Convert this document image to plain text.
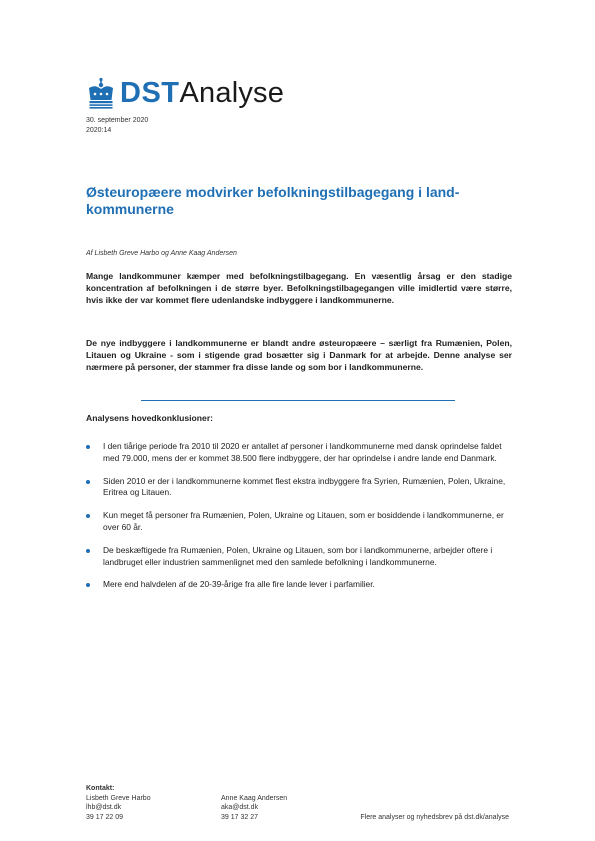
DSTAnalyse
30. september 2020
2020:14
Østeuropæere modvirker befolkningstilbagegang i land-kommunerne
Af Lisbeth Greve Harbo og Anne Kaag Andersen

Mange landkommuner kæmper med befolkningstilbagegang. En væsentlig årsag er den stadige koncentration af befolkningen i de større byer. Befolkningstilbagegangen ville imidlertid være større, hvis ikke der var kommet flere udenlandske indbyggere i landkommunerne.

De nye indbyggere i landkommunerne er blandt andre østeuropæere – særligt fra Rumænien, Polen, Litauen og Ukraine - som i stigende grad bosætter sig i Danmark for at arbejde. Denne analyse ser nærmere på personer, der stammer fra disse lande og som bor i landkommunerne.

Analysens hovedkonklusioner:

I den tiårige periode fra 2010 til 2020 er antallet af personer i landkommunerne med dansk oprindelse faldet med 79.000, mens der er kommet 38.500 flere indbyggere, der har oprindelse i andre lande end Danmark.
Siden 2010 er der i landkommunerne kommet flest ekstra indbyggere fra Syrien, Rumænien, Polen, Ukraine, Eritrea og Litauen.
Kun meget få personer fra Rumænien, Polen, Ukraine og Litauen, som er bosiddende i landkommunerne, er over 60 år.
De beskæftigede fra Rumænien, Polen, Ukraine og Litauen, som bor i landkommunerne, arbejder oftere i landbruget eller industrien sammenlignet med den samlede befolkning i landkommunerne.
Mere end halvdelen af de 20-39-årige fra alle fire lande lever i parfamilier.
Kontakt:
Lisbeth Greve Harbo
lhb@dst.dk
39 17 22 09
Anne Kaag Andersen
aka@dst.dk
39 17 32 27	Flere analyser og nyhedsbrev på dst.dk/analyse
